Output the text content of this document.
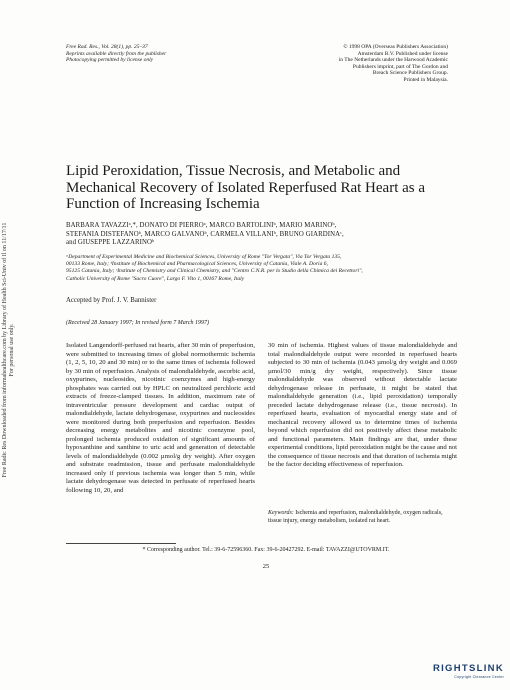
Free Radic Res Downloaded from informahealthcare.com by Library of Health Sci-Univ of Il on 11/17/11 For personal use only.
Free Rad. Res., Vol. 28(1), pp. 25–37
Reprints available directly from the publisher
Photocopying permitted by license only
© 1998 OPA (Overseas Publishers Association)
Amsterdam B.V. Published under license
in The Netherlands under the Harwood Academic
Publishers imprint, part of The Gordon and
Breach Science Publishers Group.
Printed in Malaysia.
Lipid Peroxidation, Tissue Necrosis, and Metabolic and Mechanical Recovery of Isolated Reperfused Rat Heart as a Function of Increasing Ischemia
BARBARA TAVAZZIᵃ,*, DONATO DI PIERROᵃ, MARCO BARTOLINIᵇ, MARIO MARINOᵇ,
STEFANIA DISTEFANOᵇ, MARCO GALVANOᵇ, CARMELA VILLANIᵇ, BRUNO GIARDINAᶜ,
and GIUSEPPE LAZZARINOᵇ
ᵃDepartment of Experimental Medicine and Biochemical Sciences, University of Rome "Tor Vergata", Via Tor Vergata 135,
00133 Rome, Italy; ᵇInstitute of Biochemical and Pharmacological Sciences, University of Catania, Viale A. Doria 6,
95125 Catania, Italy; ᶜInstitute of Chemistry and Clinical Chemistry, and "Centro C.N.R. per lo Studio della Chimica dei Recettori",
Catholic University of Rome "Sacro Cuore", Largo F. Vito 1, 00167 Rome, Italy
Accepted by Prof. J. V. Bannister
(Received 28 January 1997; In revised form 7 March 1997)

Isolated Langendorff-perfused rat hearts, after 30 min of preperfusion, were submitted to increasing times of global normothermic ischemia (1, 2, 5, 10, 20 and 30 min) or to the same times of ischemia followed by 30 min of reperfusion. Analysis of malondialdehyde, ascorbic acid, oxypurines, nucleosides, nicotinic coenzymes and high-energy phosphates was carried out by HPLC on neutralized perchloric acid extracts of freeze-clamped tissues. In addition, maximum rate of intraventricular pressure development and cardiac output of malondialdehyde, lactate dehydrogenase, oxypurines and nucleosides were monitored during both preperfusion and reperfusion. Besides decreasing energy metabolites and nicotinic coenzyme pool, prolonged ischemia produced oxidation of significant amounts of hypoxanthine and xanthine to uric acid and generation of detectable levels of malondialdehyde (0.002 µmol/g dry weight). After oxygen and substrate readmission, tissue and perfusate malondialdehyde increased only if previous ischemia was longer than 5 min, while lactate dehydrogenase was detected in perfusate of reperfused hearts following 10, 20, and

30 min of ischemia. Highest values of tissue malondialdehyde and total malondialdehyde output were recorded in reperfused hearts subjected to 30 min of ischemia (0.043 µmol/g dry weight and 0.069 µmol/30 min/g dry weight, respectively). Since tissue malondialdehyde was observed without detectable lactate dehydrogenase release in perfusate, it might be stated that malondialdehyde generation (i.e., lipid peroxidation) temporally preceded lactate dehydrogenase release (i.e., tissue necrosis). In reperfused hearts, evaluation of myocardial energy state and of mechanical recovery allowed us to determine times of ischemia beyond which reperfusion did not positively affect these metabolic and functional parameters. Main findings are that, under these experimental conditions, lipid peroxidation might be the cause and not the consequence of tissue necrosis and that duration of ischemia might be the factor deciding effectiveness of reperfusion.

Keywords: Ischemia and reperfusion, malondialdehyde, oxygen radicals, tissue injury, energy metabolism, isolated rat heart.
* Corresponding author. Tel.: 39-6-72596360. Fax: 39-6-20427292. E-mail: TAVAZZI@UTOVRM.IT.
25
RIGHTSLINK
Copyright Clearance Center
